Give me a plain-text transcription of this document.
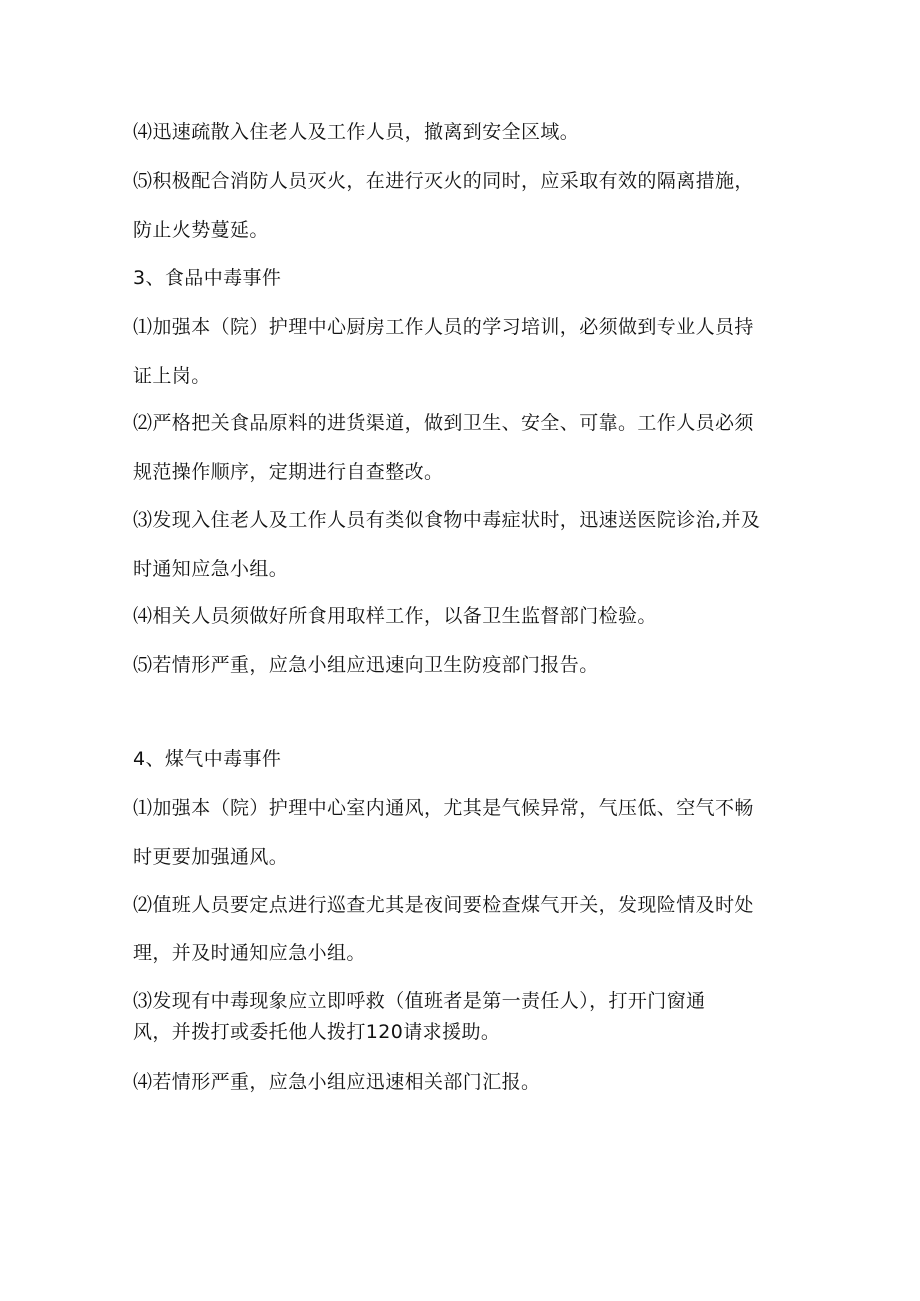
⑷迅速疏散入住老人及工作人员，撤离到安全区域。
⑸积极配合消防人员灭火，在进行灭火的同时，应采取有效的隔离措施，
防止火势蔓延。
3、食品中毒事件
⑴加强本（院）护理中心厨房工作人员的学习培训，必须做到专业人员持
证上岗。
⑵严格把关食品原料的进货渠道，做到卫生、安全、可靠。工作人员必须
规范操作顺序，定期进行自查整改。
⑶发现入住老人及工作人员有类似食物中毒症状时，迅速送医院诊治,并及
时通知应急小组。
⑷相关人员须做好所食用取样工作，以备卫生监督部门检验。
⑸若情形严重，应急小组应迅速向卫生防疫部门报告。
4、煤气中毒事件
⑴加强本（院）护理中心室内通风，尤其是气候异常，气压低、空气不畅
时更要加强通风。
⑵值班人员要定点进行巡查尤其是夜间要检查煤气开关，发现险情及时处
理，并及时通知应急小组。
⑶发现有中毒现象应立即呼救（值班者是第一责任人），打开门窗通
风，并拨打或委托他人拨打120请求援助。
⑷若情形严重，应急小组应迅速相关部门汇报。
